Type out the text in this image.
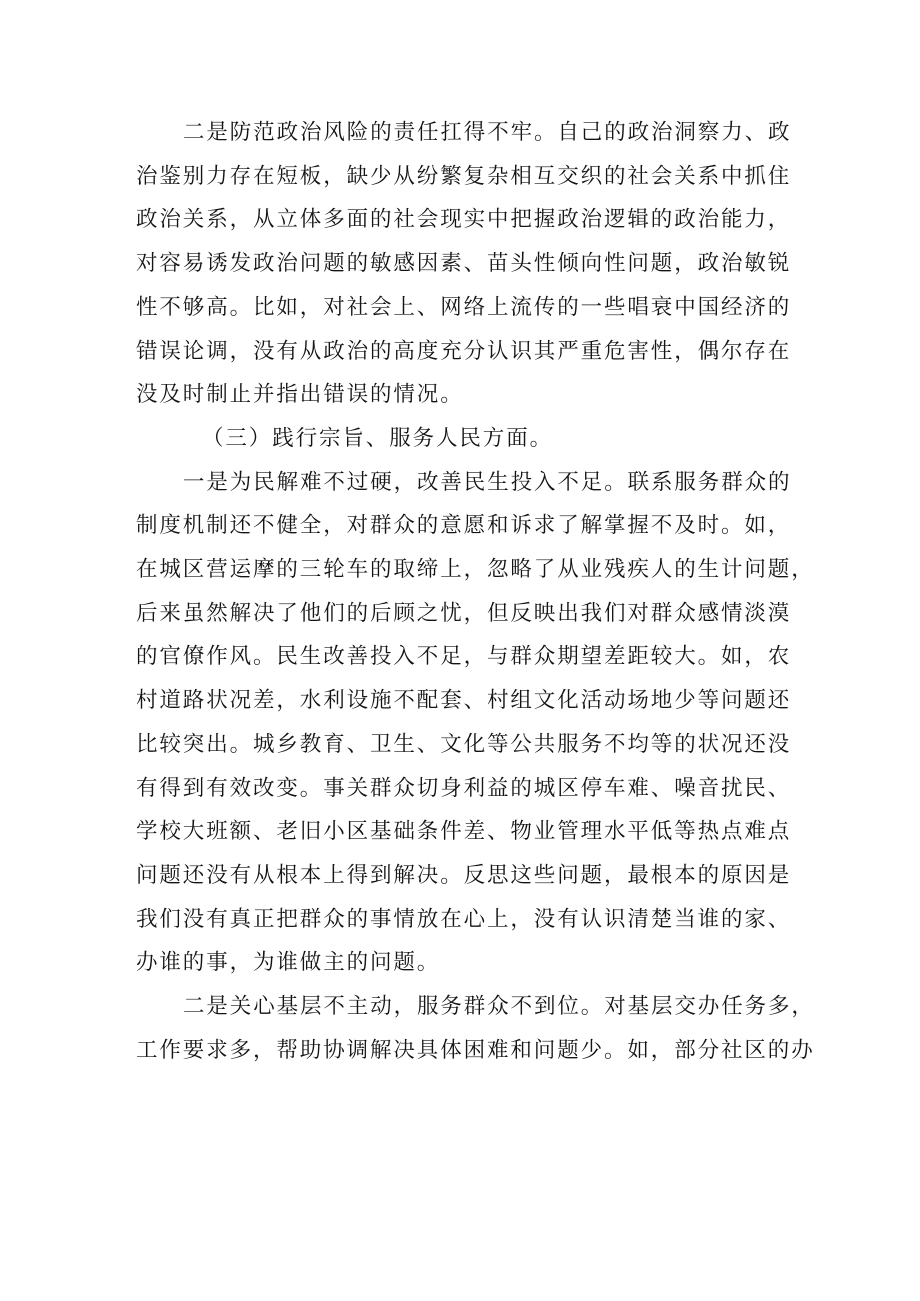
二是防范政治风险的责任扛得不牢。自己的政治洞察力、政
治鉴别力存在短板，缺少从纷繁复杂相互交织的社会关系中抓住
政治关系，从立体多面的社会现实中把握政治逻辑的政治能力，
对容易诱发政治问题的敏感因素、苗头性倾向性问题，政治敏锐
性不够高。比如，对社会上、网络上流传的一些唱衰中国经济的
错误论调，没有从政治的高度充分认识其严重危害性，偶尔存在
没及时制止并指出错误的情况。

（三）践行宗旨、服务人民方面。

一是为民解难不过硬，改善民生投入不足。联系服务群众的
制度机制还不健全，对群众的意愿和诉求了解掌握不及时。如，
在城区营运摩的三轮车的取缔上，忽略了从业残疾人的生计问题，
后来虽然解决了他们的后顾之忧，但反映出我们对群众感情淡漠
的官僚作风。民生改善投入不足，与群众期望差距较大。如，农
村道路状况差，水利设施不配套、村组文化活动场地少等问题还
比较突出。城乡教育、卫生、文化等公共服务不均等的状况还没
有得到有效改变。事关群众切身利益的城区停车难、噪音扰民、
学校大班额、老旧小区基础条件差、物业管理水平低等热点难点
问题还没有从根本上得到解决。反思这些问题，最根本的原因是
我们没有真正把群众的事情放在心上，没有认识清楚当谁的家、
办谁的事，为谁做主的问题。

二是关心基层不主动，服务群众不到位。对基层交办任务多，
工作要求多，帮助协调解决具体困难和问题少。如，部分社区的办
